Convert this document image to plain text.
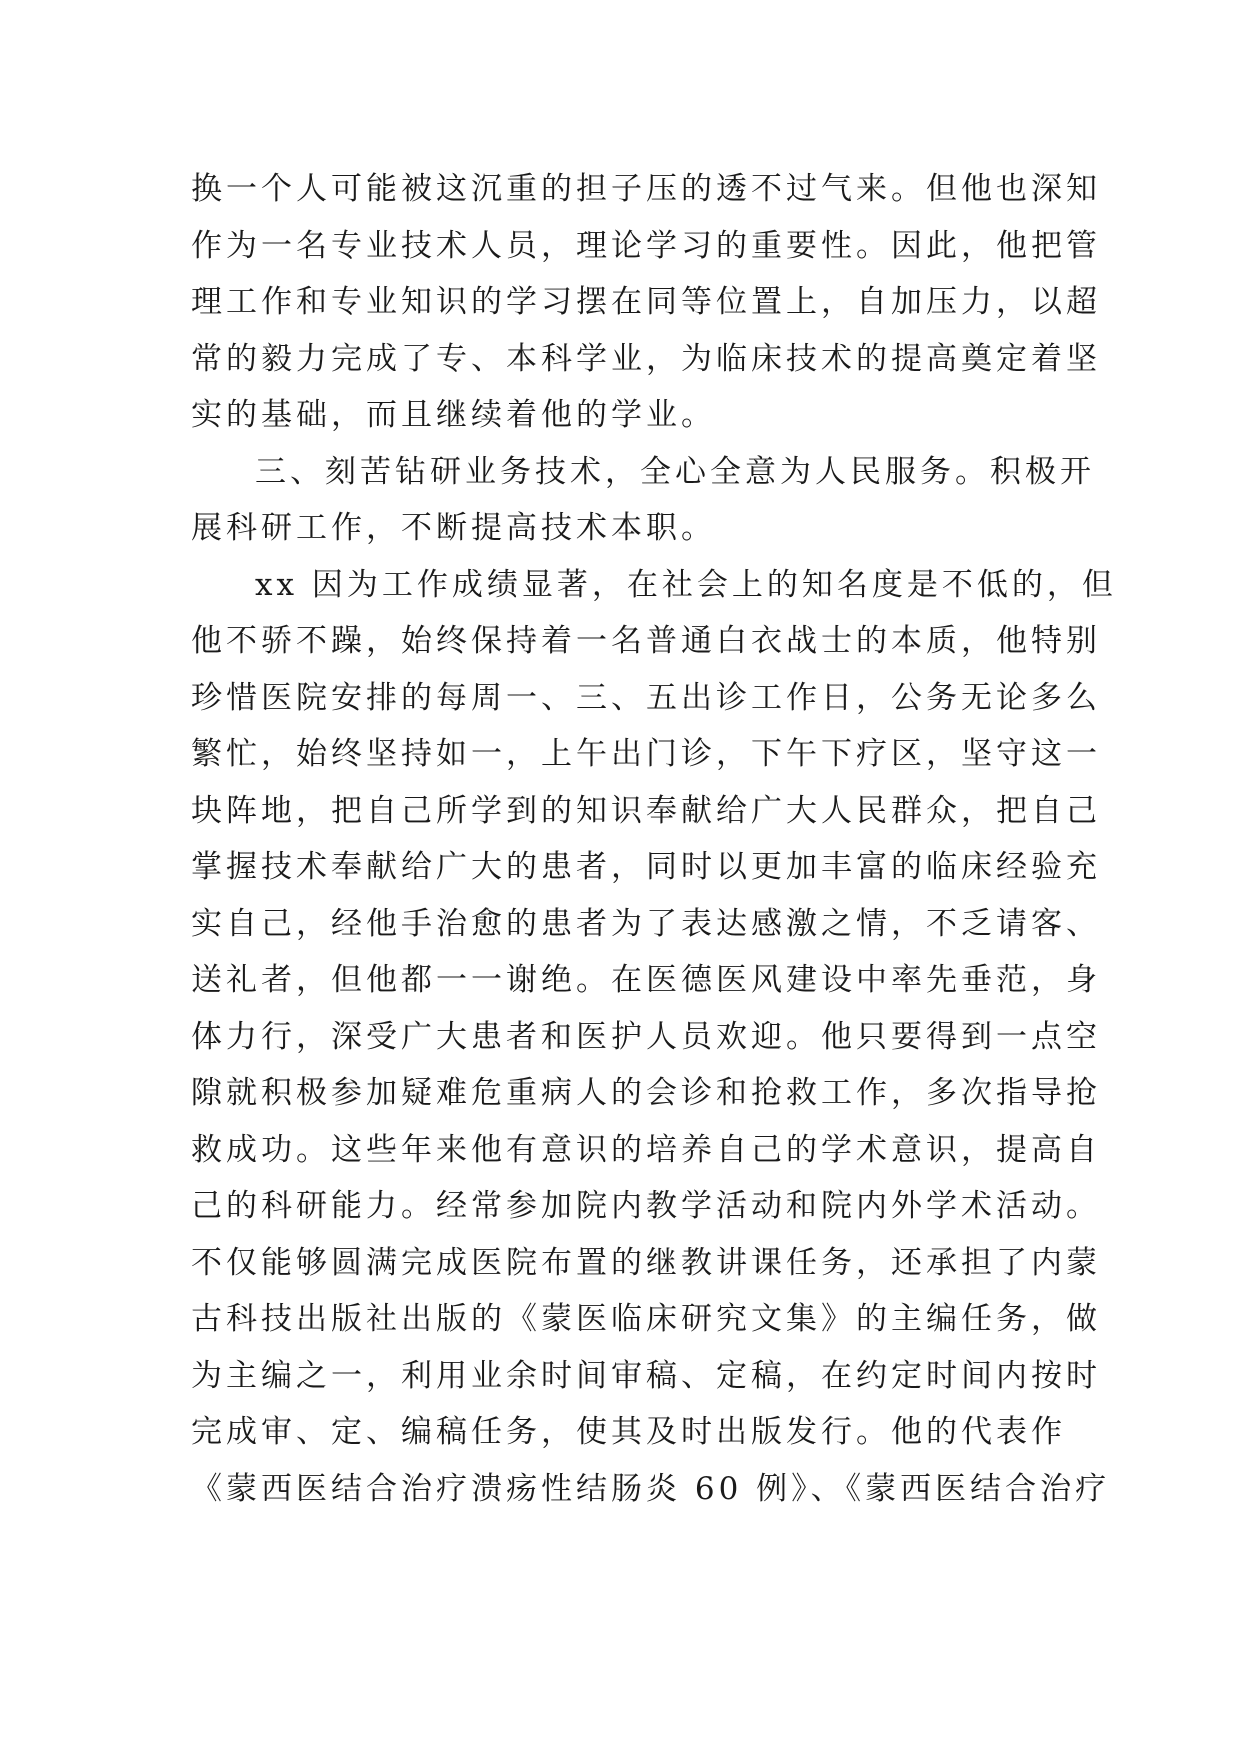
换一个人可能被这沉重的担子压的透不过气来。但他也深知
作为一名专业技术人员，理论学习的重要性。因此，他把管
理工作和专业知识的学习摆在同等位置上，自加压力，以超
常的毅力完成了专、本科学业，为临床技术的提高奠定着坚
实的基础，而且继续着他的学业。
三、刻苦钻研业务技术，全心全意为人民服务。积极开
展科研工作，不断提高技术本职。
xx 因为工作成绩显著，在社会上的知名度是不低的，但
他不骄不躁，始终保持着一名普通白衣战士的本质，他特别
珍惜医院安排的每周一、三、五出诊工作日，公务无论多么
繁忙，始终坚持如一，上午出门诊，下午下疗区，坚守这一
块阵地，把自己所学到的知识奉献给广大人民群众，把自己
掌握技术奉献给广大的患者，同时以更加丰富的临床经验充
实自己，经他手治愈的患者为了表达感激之情，不乏请客、
送礼者，但他都一一谢绝。在医德医风建设中率先垂范，身
体力行，深受广大患者和医护人员欢迎。他只要得到一点空
隙就积极参加疑难危重病人的会诊和抢救工作，多次指导抢
救成功。这些年来他有意识的培养自己的学术意识，提高自
己的科研能力。经常参加院内教学活动和院内外学术活动。
不仅能够圆满完成医院布置的继教讲课任务，还承担了内蒙
古科技出版社出版的《蒙医临床研究文集》的主编任务，做
为主编之一，利用业余时间审稿、定稿，在约定时间内按时
完成审、定、编稿任务，使其及时出版发行。他的代表作
《蒙西医结合治疗溃疡性结肠炎 60 例》、《蒙西医结合治疗
